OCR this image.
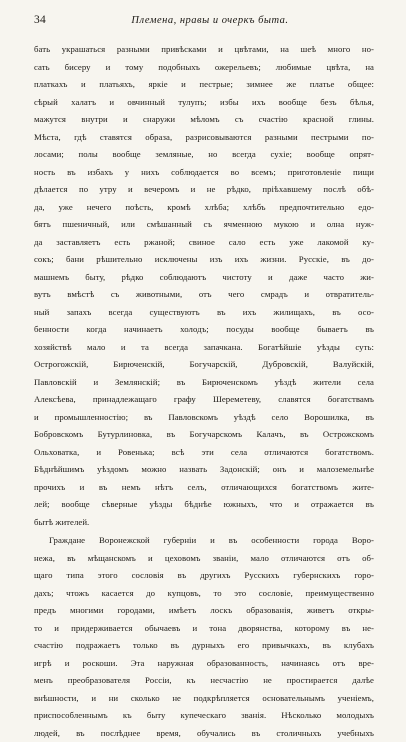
34	Племена, нравы и очеркъ быта.
бать украшаться разными привѣсками и цвѣтами, на шеѣ много но-
сать бисеру и тому подобныхъ ожерельевъ; любимые цвѣта, на
платкахъ и платьяхъ, яркіе и пестрые; зимнее же платье общее:
сѣрый халатъ и овчинный тулупъ; избы ихъ вообще безъ бѣлья,
мажутся внутри и снаружи мѣломъ съ счастію красной глины.
Мѣста, гдѣ ставятся образа, разрисовываются разными пестрыми по-
лосами; полы вообще земляные, но всегда сухіе; вообще опрят-
ность въ избахъ у нихъ соблюдается во всемъ; приготовленіе пищи
дѣлается по утру и вечеромъ и не рѣдко, пріѣхавшему послѣ обѣ-
да, уже нечего поѣсть, кромѣ хлѣба; хлѣбъ предпочтительно едо-
бятъ пшеничный, или смѣшанный съ ячменною мукою и олна нуж-
да заставляетъ есть ржаной; свиное сало есть уже лакомой ку-
сокъ; бани рѣшительно исключены изъ ихъ жизни. Русскіе, въ до-
машнемъ быту, рѣдко соблюдаютъ чистоту и даже часто жи-
вутъ вмѣстѣ съ животными, отъ чего смрадъ и отвратитель-
ный запахъ всегда существуютъ въ ихъ жилищахъ, въ осо-
бенности когда начинаетъ холодъ; посуды вообще бываетъ въ
хозяйствѣ мало и та всегда запачкана. Богатѣйшіе уѣзды суть:
Острогожскій, Бирюченскій, Богучарскій, Дубровскій, Валуйскій,
Павловскій и Землянскій; въ Бирюченскомъ уѣздѣ жители села
Алексѣева, принадлежащаго графу Шереметеву, славятся богатствамъ
и промышленностію; въ Павловскомъ уѣздѣ село Ворошилка, въ
Бобровскомъ Бутурлиновка, въ Богучарскомъ Калачъ, въ Острожскомъ
Ольховатка, и Ровенька; всѣ эти села отличаются богатствомъ.
Бѣднѣйшимъ уѣздомъ можно назвать Задонскій; онъ и малоземельнѣе
прочихъ и въ немъ нѣтъ селъ, отличающихся богатствомъ жите-
лей; вообще сѣверные уѣзды бѣднѣе южныхъ, что и отражается въ
бытѣ жителей.
Граждане Воронежской губерніи и въ особенности города Воро-
нежа, въ мѣщанскомъ и цеховомъ званіи, мало отличаются отъ об-
щаго типа этого сословія въ другихъ Русскихъ губернскихъ горо-
дахъ; чтожъ касается до купцовъ, то это сословіе, преимущественно
предъ многими городами, имѣетъ лоскъ образованія, живетъ откры-
то и придерживается обычаевъ и тона дворянства, которому въ не-
счастію подражаетъ только въ дурныхъ его привычкахъ, въ клубахъ
игрѣ и роскоши. Эта наружная образованность, начинаясь отъ вре-
менъ преобразователя Россіи, къ несчастію не простирается далѣе
внѣшности, и ни сколько не подкрѣпляется основательнымъ ученіемъ,
приспособленнымъ къ быту купеческаго званія. Нѣсколько молодыхъ
людей, въ послѣднее время, обучались въ столичныхъ учебныхъ
